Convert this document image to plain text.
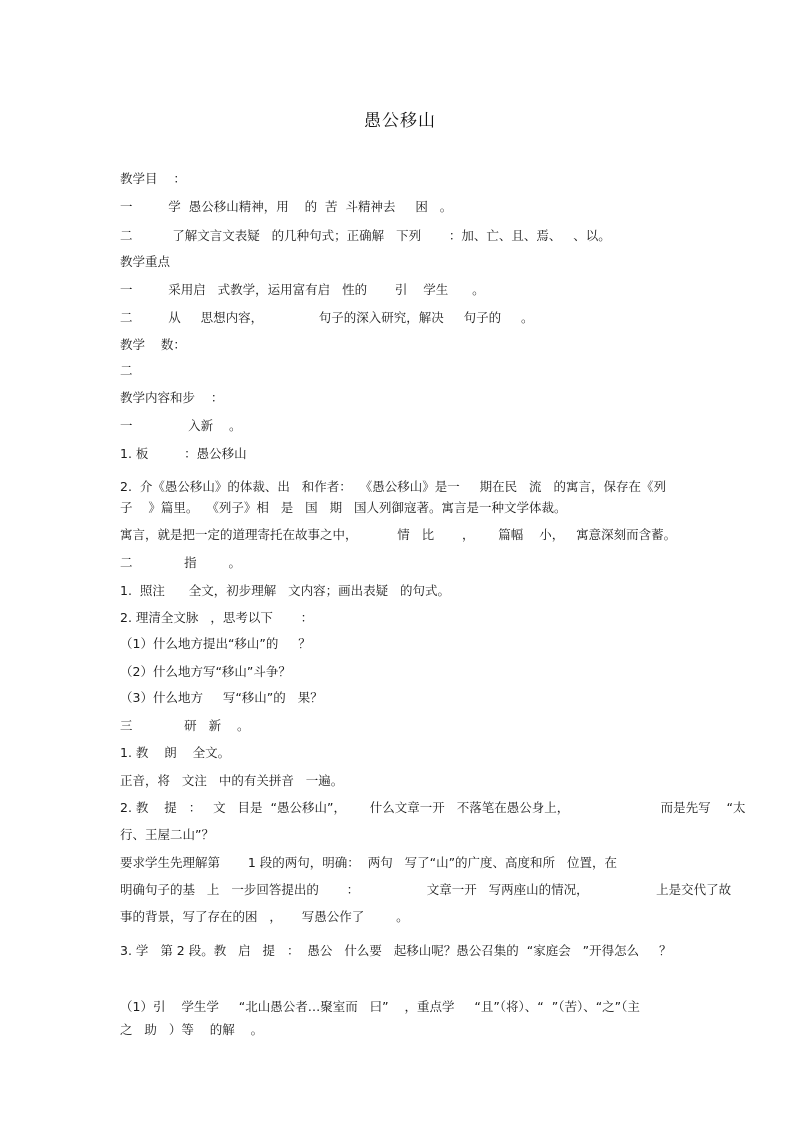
愚公移山
教学目    ：
一         学  愚公移山精神，用    的  苦  斗精神去     困   。
二          了解文言文表疑   的几种句式；正确解   下列       ：加、亡、且、焉、   、以。
教学重点
一         采用启   式教学，运用富有启   性的       引    学生      。
二         从     思想内容，              句子的深入研究，解决     句子的     。
教学    数：
二
教学内容和步    ：
一              入新    。
1. 板         ：愚公移山
2.  介《愚公移山》的体裁、出   和作者：  《愚公移山》是一     期在民   流   的寓言，保存在《列
子    》篇里。  《列子》相   是   国   期   国人列御寇著。寓言是一种文学体裁。
寓言，就是把一定的道理寄托在故事之中，          情   比       ，      篇幅    小，   寓意深刻而含蓄。
二             指        。
1.  照注      全文，初步理解   文内容；画出表疑   的句式。
2. 理清全文脉   ，思考以下       ：
（1）什么地方提出“移山”的     ？
（2）什么地方写“移山”斗争？
（3）什么地方     写“移山”的   果？
三             研   新    。
1. 教    朗    全文。
正音，将   文注   中的有关拼音   一遍。
2. 教    提   ：   文   目是  “愚公移山”，      什么文章一开   不落笔在愚公身上，                       而是先写    “太
行、王屋二山”？
要求学生先理解第       1 段的两句，明确：  两句   写了“山”的广度、高度和所   位置，在
明确句子的基   上   一步回答提出的       ：                 文章一开   写两座山的情况，                 上是交代了故
事的背景，写了存在的困   ，     写愚公作了        。
3. 学   第 2 段。教   启   提   ：  愚公   什么要   起移山呢？愚公召集的  “家庭会   ”开得怎么     ？
（1）引    学生学     “北山愚公者…聚室而   曰”    ，重点学     “且”（将）、“  ”（苦）、“之”（主
之   助   ）等    的解    。
